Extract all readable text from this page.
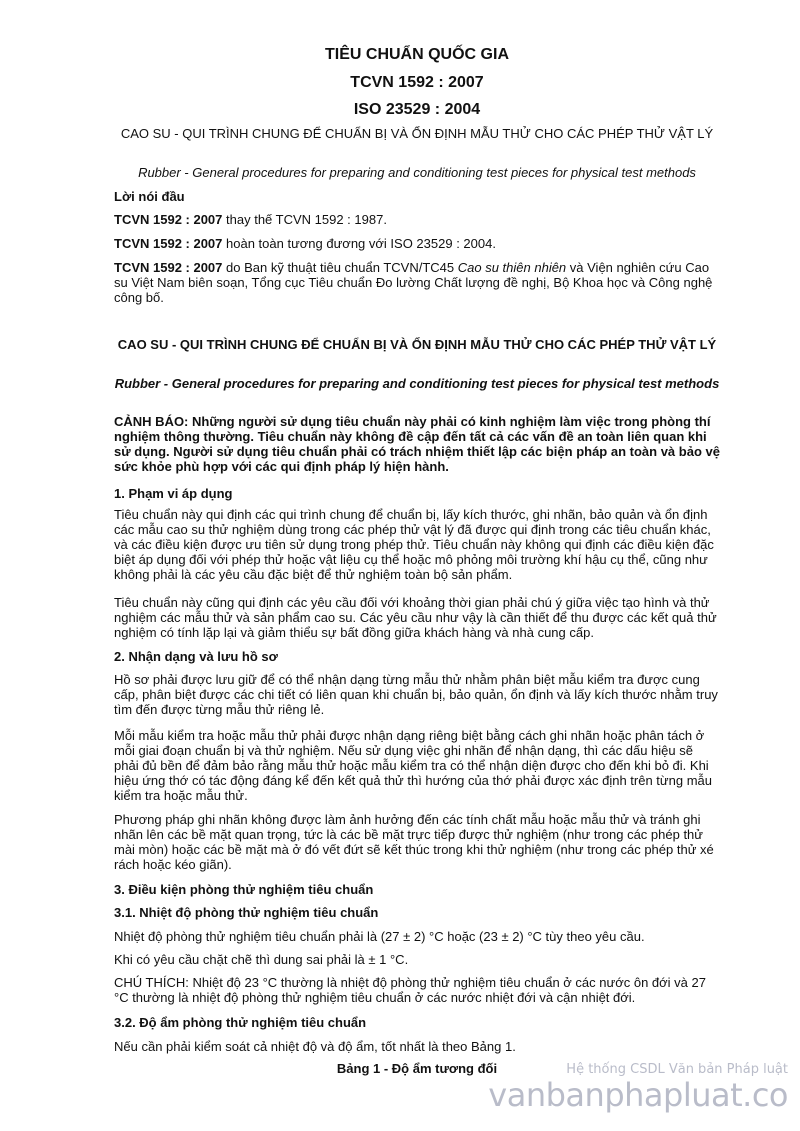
TIÊU CHUẨN QUỐC GIA
TCVN 1592 : 2007
ISO 23529 : 2004

CAO SU - QUI TRÌNH CHUNG ĐỂ CHUẨN BỊ VÀ ỔN ĐỊNH MẪU THỬ CHO CÁC PHÉP THỬ VẬT LÝ

Rubber - General procedures for preparing and conditioning test pieces for physical test methods

Lời nói đầu

TCVN 1592 : 2007 thay thế TCVN 1592 : 1987.

TCVN 1592 : 2007 hoàn toàn tương đương với ISO 23529 : 2004.

TCVN 1592 : 2007 do Ban kỹ thuật tiêu chuẩn TCVN/TC45 Cao su thiên nhiên và Viện nghiên cứu Cao su Việt Nam biên soạn, Tổng cục Tiêu chuẩn Đo lường Chất lượng đề nghị, Bộ Khoa học và Công nghệ công bố.

CAO SU - QUI TRÌNH CHUNG ĐỂ CHUẨN BỊ VÀ ỔN ĐỊNH MẪU THỬ CHO CÁC PHÉP THỬ VẬT LÝ

Rubber - General procedures for preparing and conditioning test pieces for physical test methods

CẢNH BÁO: Những người sử dụng tiêu chuẩn này phải có kinh nghiệm làm việc trong phòng thí nghiệm thông thường. Tiêu chuẩn này không đề cập đến tất cả các vấn đề an toàn liên quan khi sử dụng. Người sử dụng tiêu chuẩn phải có trách nhiệm thiết lập các biện pháp an toàn và bảo vệ sức khỏe phù hợp với các qui định pháp lý hiện hành.

1. Phạm vi áp dụng

Tiêu chuẩn này qui định các qui trình chung để chuẩn bị, lấy kích thước, ghi nhãn, bảo quản và ổn định các mẫu cao su thử nghiệm dùng trong các phép thử vật lý đã được qui định trong các tiêu chuẩn khác, và các điều kiện được ưu tiên sử dụng trong phép thử. Tiêu chuẩn này không qui định các điều kiện đặc biệt áp dụng đối với phép thử hoặc vật liệu cụ thể hoặc mô phỏng môi trường khí hậu cụ thể, cũng như không phải là các yêu cầu đặc biệt để thử nghiệm toàn bộ sản phẩm.

Tiêu chuẩn này cũng qui định các yêu cầu đối với khoảng thời gian phải chú ý giữa việc tạo hình và thử nghiệm các mẫu thử và sản phẩm cao su. Các yêu cầu như vậy là cần thiết để thu được các kết quả thử nghiệm có tính lặp lại và giảm thiểu sự bất đồng giữa khách hàng và nhà cung cấp.

2. Nhận dạng và lưu hồ sơ

Hồ sơ phải được lưu giữ để có thể nhận dạng từng mẫu thử nhằm phân biệt mẫu kiểm tra được cung cấp, phân biệt được các chi tiết có liên quan khi chuẩn bị, bảo quản, ổn định và lấy kích thước nhằm truy tìm đến được từng mẫu thử riêng lẻ.

Mỗi mẫu kiểm tra hoặc mẫu thử phải được nhận dạng riêng biệt bằng cách ghi nhãn hoặc phân tách ở mỗi giai đoạn chuẩn bị và thử nghiệm. Nếu sử dụng việc ghi nhãn để nhận dạng, thì các dấu hiệu sẽ phải đủ bền để đảm bảo rằng mẫu thử hoặc mẫu kiểm tra có thể nhận diện được cho đến khi bỏ đi. Khi hiệu ứng thớ có tác động đáng kể đến kết quả thử thì hướng của thớ phải được xác định trên từng mẫu kiểm tra hoặc mẫu thử.

Phương pháp ghi nhãn không được làm ảnh hưởng đến các tính chất mẫu hoặc mẫu thử và tránh ghi nhãn lên các bề mặt quan trọng, tức là các bề mặt trực tiếp được thử nghiệm (như trong các phép thử mài mòn) hoặc các bề mặt mà ở đó vết đứt sẽ kết thúc trong khi thử nghiệm (như trong các phép thử xé rách hoặc kéo giãn).

3. Điều kiện phòng thử nghiệm tiêu chuẩn

3.1. Nhiệt độ phòng thử nghiệm tiêu chuẩn

Nhiệt độ phòng thử nghiệm tiêu chuẩn phải là (27 ± 2) °C hoặc (23 ± 2) °C tùy theo yêu cầu.

Khi có yêu cầu chặt chẽ thì dung sai phải là ± 1 °C.

CHÚ THÍCH: Nhiệt độ 23 °C thường là nhiệt độ phòng thử nghiệm tiêu chuẩn ở các nước ôn đới và 27 °C thường là nhiệt độ phòng thử nghiệm tiêu chuẩn ở các nước nhiệt đới và cận nhiệt đới.

3.2. Độ ẩm phòng thử nghiệm tiêu chuẩn

Nếu cần phải kiểm soát cả nhiệt độ và độ ẩm, tốt nhất là theo Bảng 1.

Bảng 1 - Độ ẩm tương đối	Hệ thống CSDL Văn bản Pháp luật
vanbanphapluat.co
